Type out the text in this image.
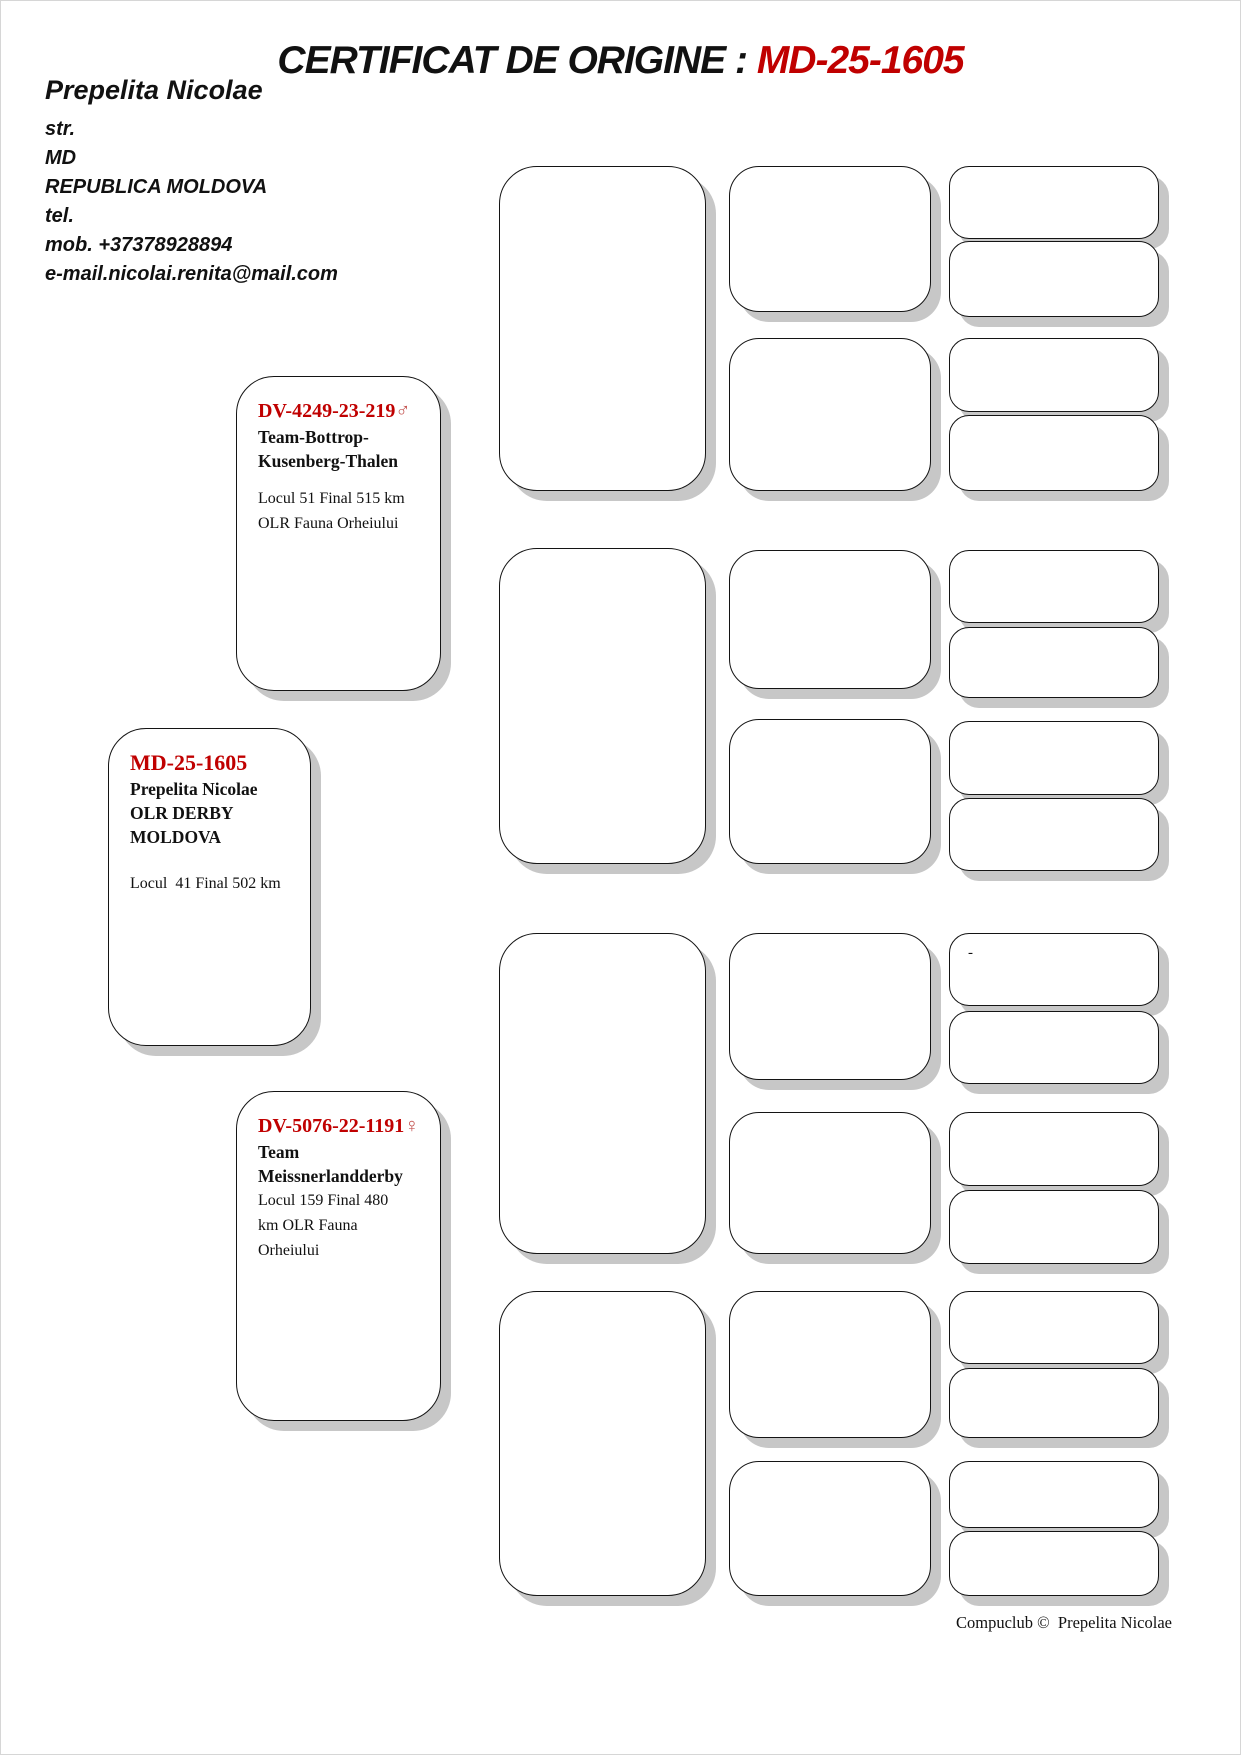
CERTIFICAT DE ORIGINE : MD-25-1605
Prepelita Nicolae
str.
MD
REPUBLICA MOLDOVA
tel.
mob. +37378928894
e-mail.nicolai.renita@mail.com
DV-4249-23-219♂
Team-Bottrop-
Kusenberg-Thalen
Locul 51 Final 515 km
OLR Fauna Orheiului
MD-25-1605
Prepelita Nicolae
OLR DERBY
MOLDOVA
Locul  41 Final 502 km
DV-5076-22-1191♀
Team
Meissnerlandderby
Locul 159 Final 480
km OLR Fauna
Orheiului
-
Compuclub ©  Prepelita Nicolae
